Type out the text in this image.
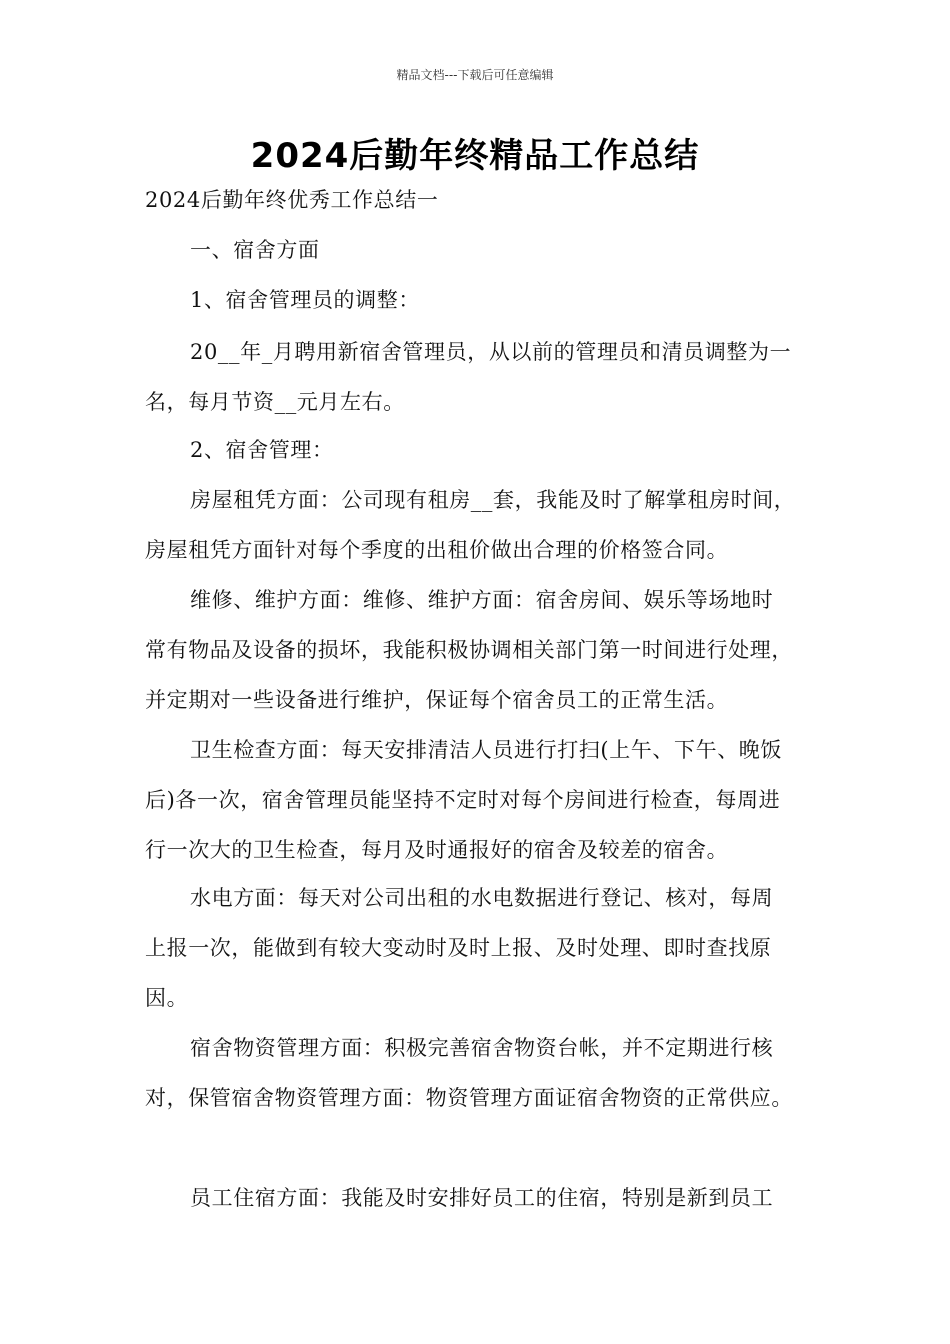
精品文档---下载后可任意编辑
2024后勤年终精品工作总结
2024后勤年终优秀工作总结一
一、宿舍方面
1、宿舍管理员的调整：
20__年_月聘用新宿舍管理员，从以前的管理员和清员调整为一
名，每月节资__元月左右。
2、宿舍管理：
房屋租凭方面：公司现有租房__套，我能及时了解掌租房时间，
房屋租凭方面针对每个季度的出租价做出合理的价格签合同。
维修、维护方面：维修、维护方面：宿舍房间、娱乐等场地时
常有物品及设备的损坏，我能积极协调相关部门第一时间进行处理，
并定期对一些设备进行维护，保证每个宿舍员工的正常生活。
卫生检查方面：每天安排清洁人员进行打扫(上午、下午、晚饭
后)各一次，宿舍管理员能坚持不定时对每个房间进行检查，每周进
行一次大的卫生检查，每月及时通报好的宿舍及较差的宿舍。
水电方面：每天对公司出租的水电数据进行登记、核对，每周
上报一次，能做到有较大变动时及时上报、及时处理、即时查找原
因。
宿舍物资管理方面：积极完善宿舍物资台帐，并不定期进行核
对，保管宿舍物资管理方面：物资管理方面证宿舍物资的正常供应。
员工住宿方面：我能及时安排好员工的住宿，特别是新到员工
